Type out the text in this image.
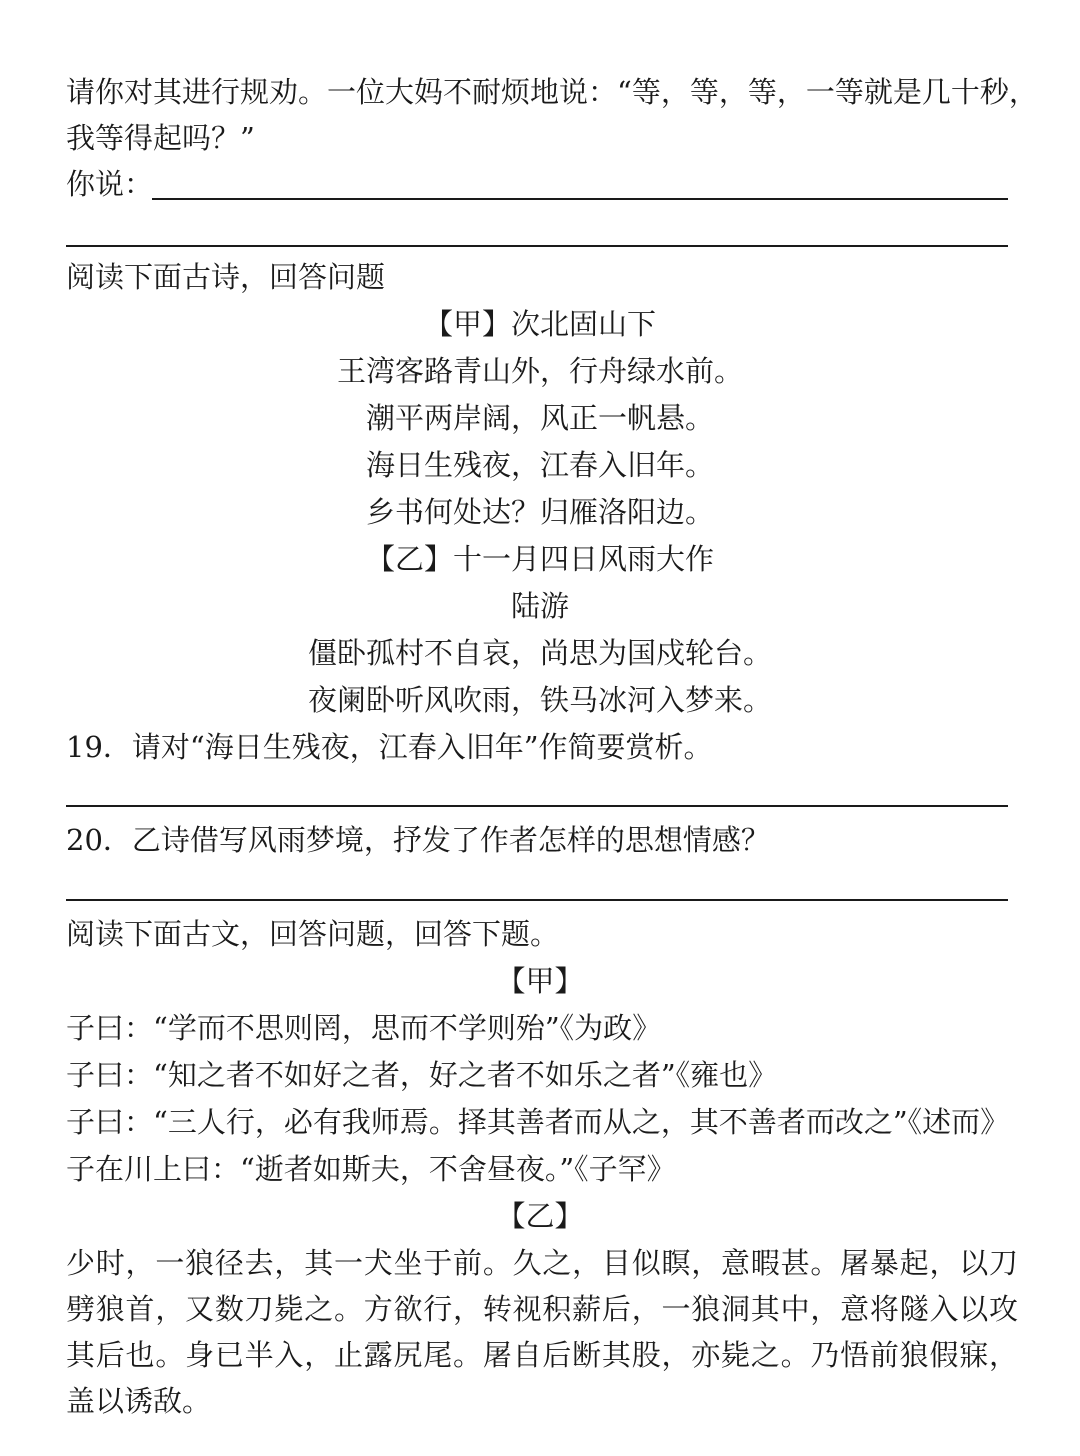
请你对其进行规劝。一位大妈不耐烦地说：“等，等，等，一等就是几十秒，
我等得起吗？”
你说：
阅读下面古诗，回答问题
【甲】次北固山下
王湾客路青山外，行舟绿水前。
潮平两岸阔，风正一帆悬。
海日生残夜，江春入旧年。
乡书何处达？归雁洛阳边。
【乙】十一月四日风雨大作
陆游
僵卧孤村不自哀，尚思为国戍轮台。
夜阑卧听风吹雨，铁马冰河入梦来。
19．请对“海日生残夜，江春入旧年”作简要赏析。
20．乙诗借写风雨梦境，抒发了作者怎样的思想情感？
阅读下面古文，回答问题，回答下题。
【甲】
子曰：“学而不思则罔，思而不学则殆”《为政》
子曰：“知之者不如好之者，好之者不如乐之者”《雍也》
子曰：“三人行，必有我师焉。择其善者而从之，其不善者而改之”《述而》
子在川上曰：“逝者如斯夫，不舍昼夜。”《子罕》
【乙】
少时，一狼径去，其一犬坐于前。久之，目似瞑，意暇甚。屠暴起，以刀劈狼首，又数刀毙之。方欲行，转视积薪后，一狼洞其中，意将隧入以攻其后也。身已半入，止露尻尾。屠自后断其股，亦毙之。乃悟前狼假寐，盖以诱敌。
